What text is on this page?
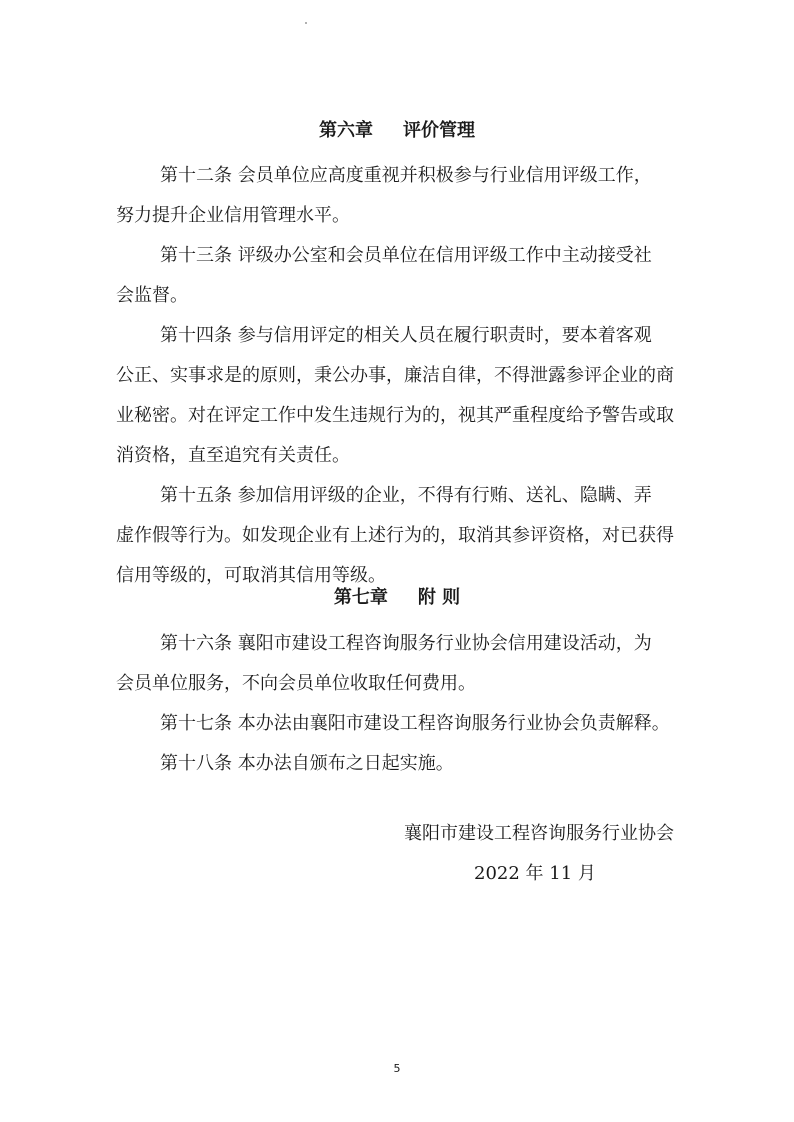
第六章 评价管理
第十二条 会员单位应高度重视并积极参与行业信用评级工作，
努力提升企业信用管理水平。
第十三条 评级办公室和会员单位在信用评级工作中主动接受社
会监督。
第十四条 参与信用评定的相关人员在履行职责时，要本着客观
公正、实事求是的原则，秉公办事，廉洁自律，不得泄露参评企业的商
业秘密。对在评定工作中发生违规行为的，视其严重程度给予警告或取
消资格，直至追究有关责任。
第十五条 参加信用评级的企业，不得有行贿、送礼、隐瞒、弄
虚作假等行为。如发现企业有上述行为的，取消其参评资格，对已获得
信用等级的，可取消其信用等级。
第七章 附 则
第十六条 襄阳市建设工程咨询服务行业协会信用建设活动，为
会员单位服务，不向会员单位收取任何费用。
第十七条 本办法由襄阳市建设工程咨询服务行业协会负责解释。
第十八条 本办法自颁布之日起实施。
襄阳市建设工程咨询服务行业协会
2022 年 11 月
5
